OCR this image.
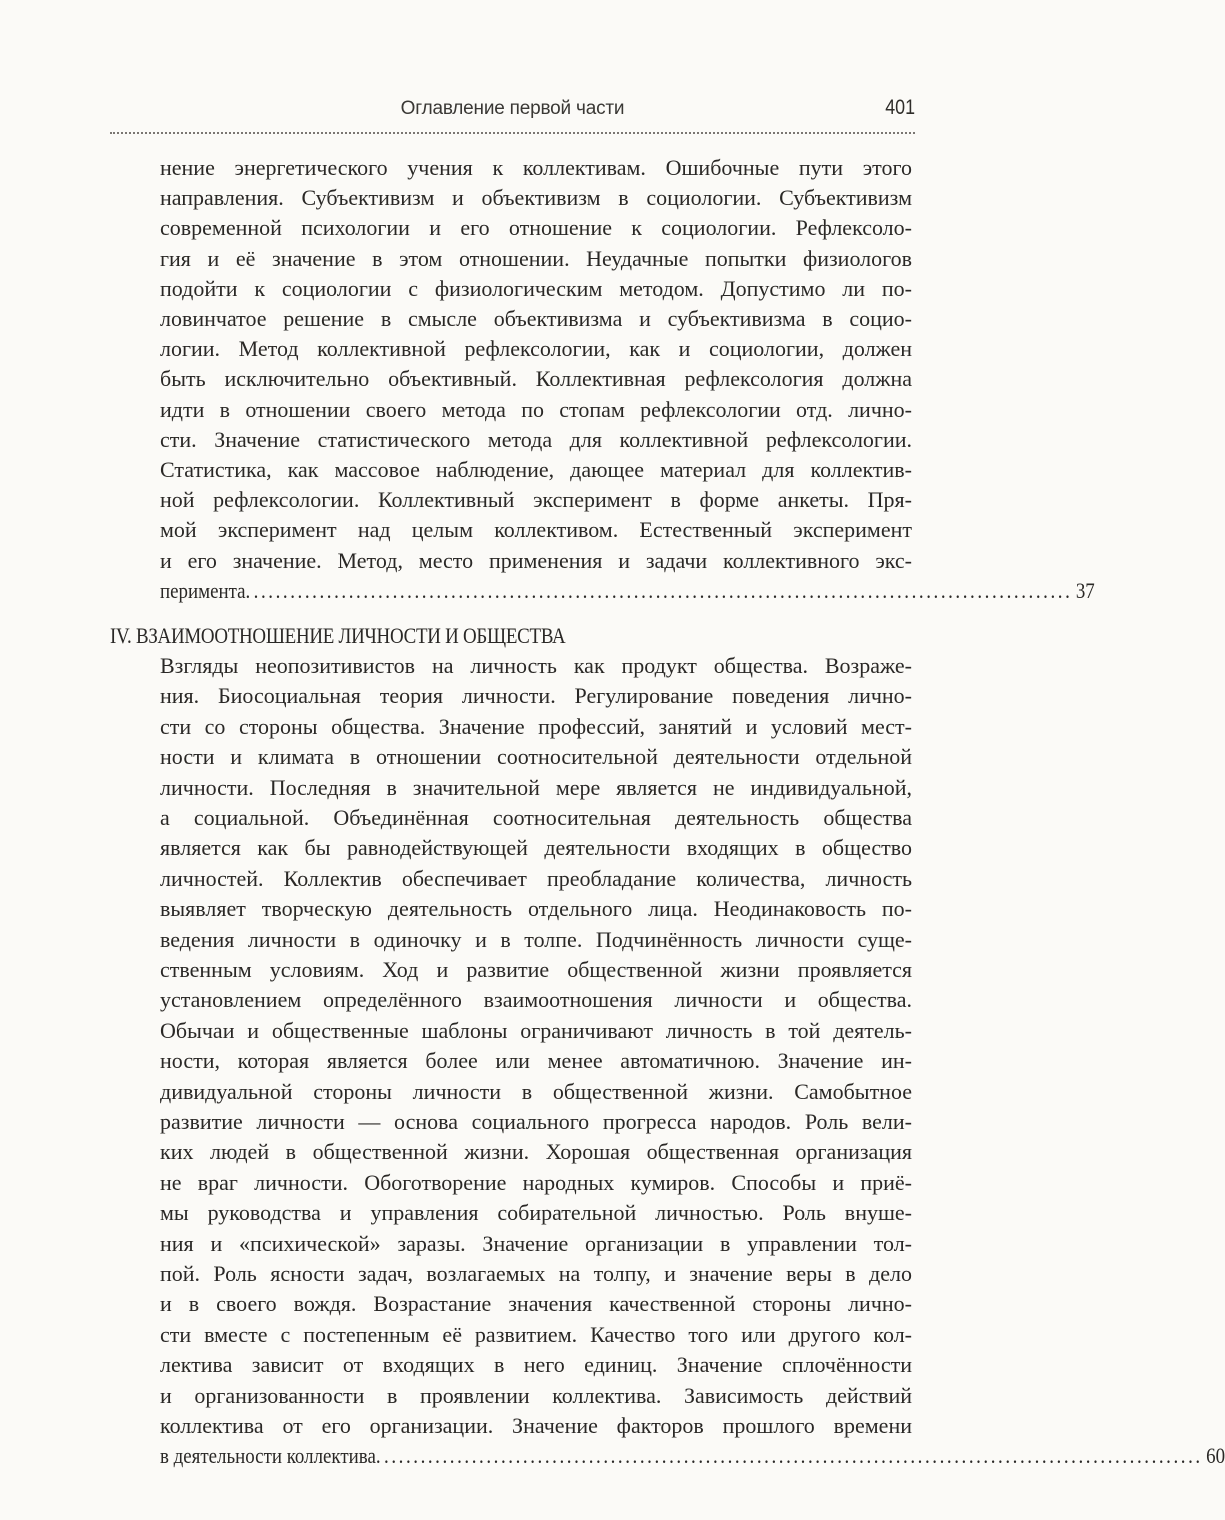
Оглавление первой части	401
нение энергетического учения к коллективам. Ошибочные пути этого
направления. Субъективизм и объективизм в социологии. Субъективизм
современной психологии и его отношение к социологии. Рефлексоло-
гия и её значение в этом отношении. Неудачные попытки физиологов
подойти к социологии с физиологическим методом. Допустимо ли по-
ловинчатое решение в смысле объективизма и субъективизма в социо-
логии. Метод коллективной рефлексологии, как и социологии, должен
быть исключительно объективный. Коллективная рефлексология должна
идти в отношении своего метода по стопам рефлексологии отд. лично-
сти. Значение статистического метода для коллективной рефлексологии.
Статистика, как массовое наблюдение, дающее материал для коллектив-
ной рефлексологии. Коллективный эксперимент в форме анкеты. Пря-
мой эксперимент над целым коллективом. Естественный эксперимент
и его значение. Метод, место применения и задачи коллективного экс-
перимента. ................................................................................................................ 37
IV. ВЗАИМООТНОШЕНИЕ ЛИЧНОСТИ И ОБЩЕСТВА
Взгляды неопозитивистов на личность как продукт общества. Возраже-
ния. Биосоциальная теория личности. Регулирование поведения лично-
сти со стороны общества. Значение профессий, занятий и условий мест-
ности и климата в отношении соотносительной деятельности отдельной
личности. Последняя в значительной мере является не индивидуальной,
а социальной. Объединённая соотносительная деятельность общества
является как бы равнодействующей деятельности входящих в общество
личностей. Коллектив обеспечивает преобладание количества, личность
выявляет творческую деятельность отдельного лица. Неодинаковость по-
ведения личности в одиночку и в толпе. Подчинённость личности суще-
ственным условиям. Ход и развитие общественной жизни проявляется
установлением определённого взаимоотношения личности и общества.
Обычаи и общественные шаблоны ограничивают личность в той деятель-
ности, которая является более или менее автоматичною. Значение ин-
дивидуальной стороны личности в общественной жизни. Самобытное
развитие личности — основа социального прогресса народов. Роль вели-
ких людей в общественной жизни. Хорошая общественная организация
не враг личности. Обоготворение народных кумиров. Способы и приё-
мы руководства и управления собирательной личностью. Роль внуше-
ния и «психической» заразы. Значение организации в управлении тол-
пой. Роль ясности задач, возлагаемых на толпу, и значение веры в дело
и в своего вождя. Возрастание значения качественной стороны лично-
сти вместе с постепенным её развитием. Качество того или другого кол-
лектива зависит от входящих в него единиц. Значение сплочённости
и организованности в проявлении коллектива. Зависимость действий
коллектива от его организации. Значение факторов прошлого времени
в деятельности коллектива. ................................................................................................................ 60
